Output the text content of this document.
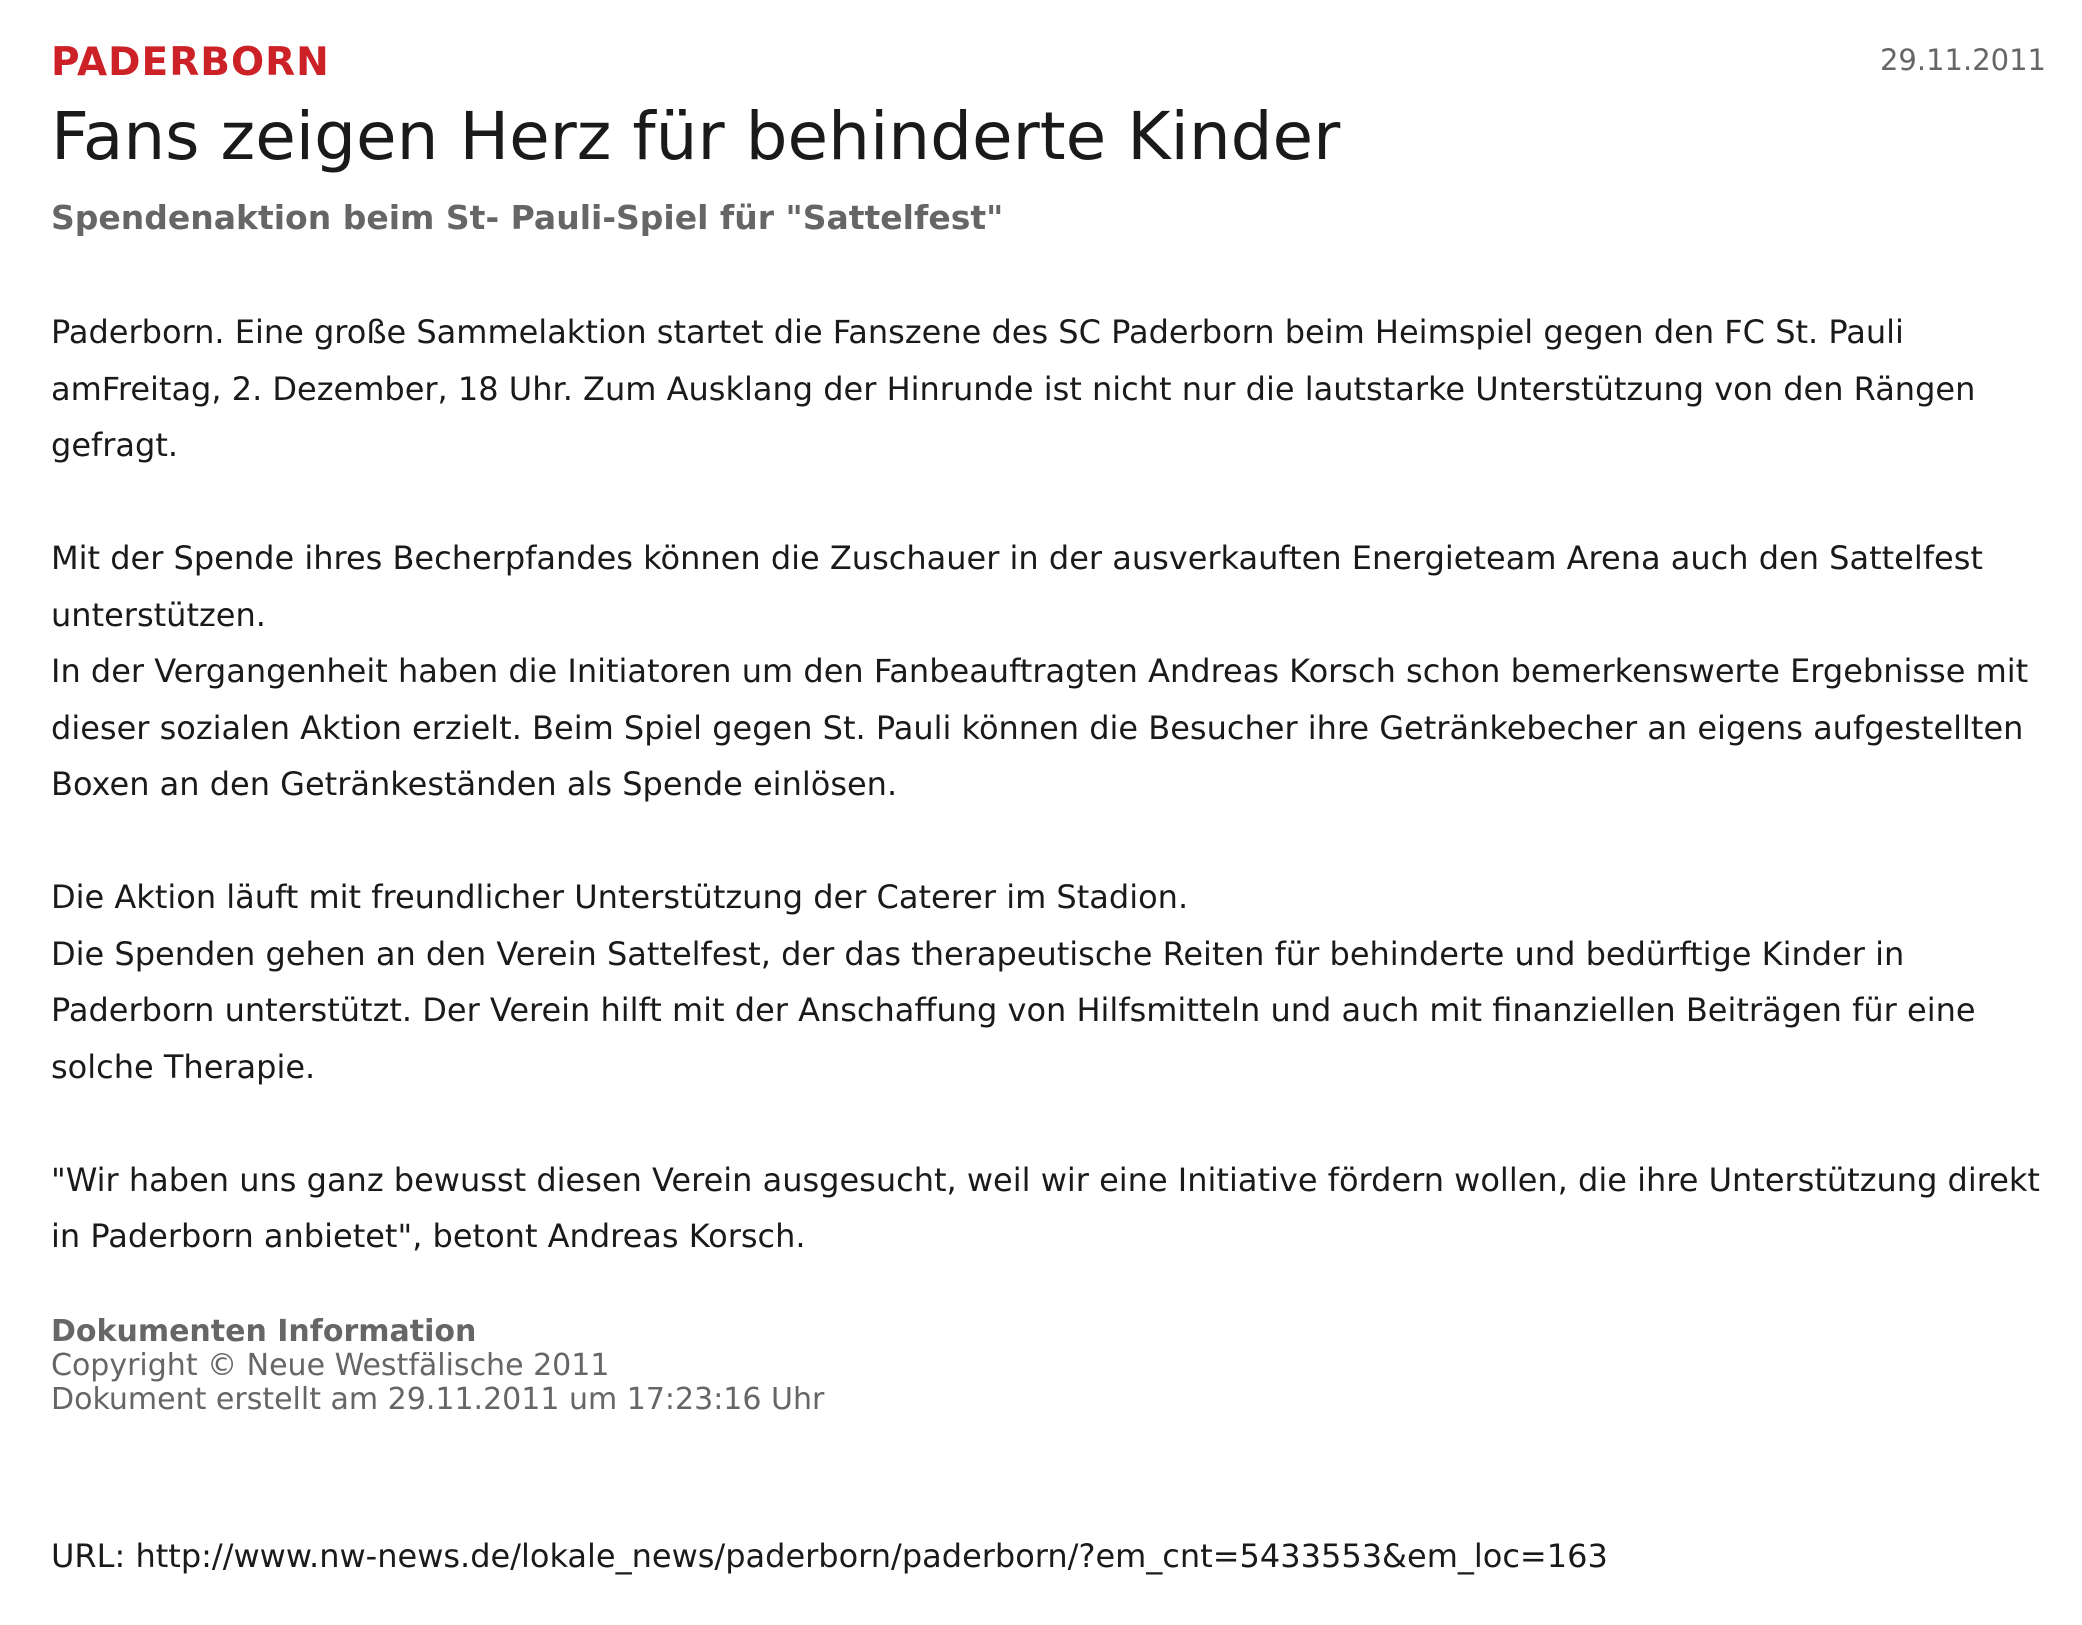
PADERBORN	29.11.2011
Fans zeigen Herz für behinderte Kinder
Spendenaktion beim St- Pauli-Spiel für "Sattelfest"

Paderborn. Eine große Sammelaktion startet die Fanszene des SC Paderborn beim Heimspiel gegen den FC St. Pauli amFreitag, 2. Dezember, 18 Uhr. Zum Ausklang der Hinrunde ist nicht nur die lautstarke Unterstützung von den Rängen gefragt.

Mit der Spende ihres Becherpfandes können die Zuschauer in der ausverkauften Energieteam Arena auch den Sattelfest unterstützen.

In der Vergangenheit haben die Initiatoren um den Fanbeauftragten Andreas Korsch schon bemerkenswerte Ergebnisse mit dieser sozialen Aktion erzielt. Beim Spiel gegen St. Pauli können die Besucher ihre Getränkebecher an eigens aufgestellten Boxen an den Getränkeständen als Spende einlösen.

Die Aktion läuft mit freundlicher Unterstützung der Caterer im Stadion.

Die Spenden gehen an den Verein Sattelfest, der das therapeutische Reiten für behinderte und bedürftige Kinder in Paderborn unterstützt. Der Verein hilft mit der Anschaffung von Hilfsmitteln und auch mit finanziellen Beiträgen für eine solche Therapie.

"Wir haben uns ganz bewusst diesen Verein ausgesucht, weil wir eine Initiative fördern wollen, die ihre Unterstützung direkt in Paderborn anbietet", betont Andreas Korsch.

Dokumenten Information
Copyright © Neue Westfälische 2011
Dokument erstellt am 29.11.2011 um 17:23:16 Uhr
URL: http://www.nw-news.de/lokale_news/paderborn/paderborn/?em_cnt=5433553&em_loc=163
